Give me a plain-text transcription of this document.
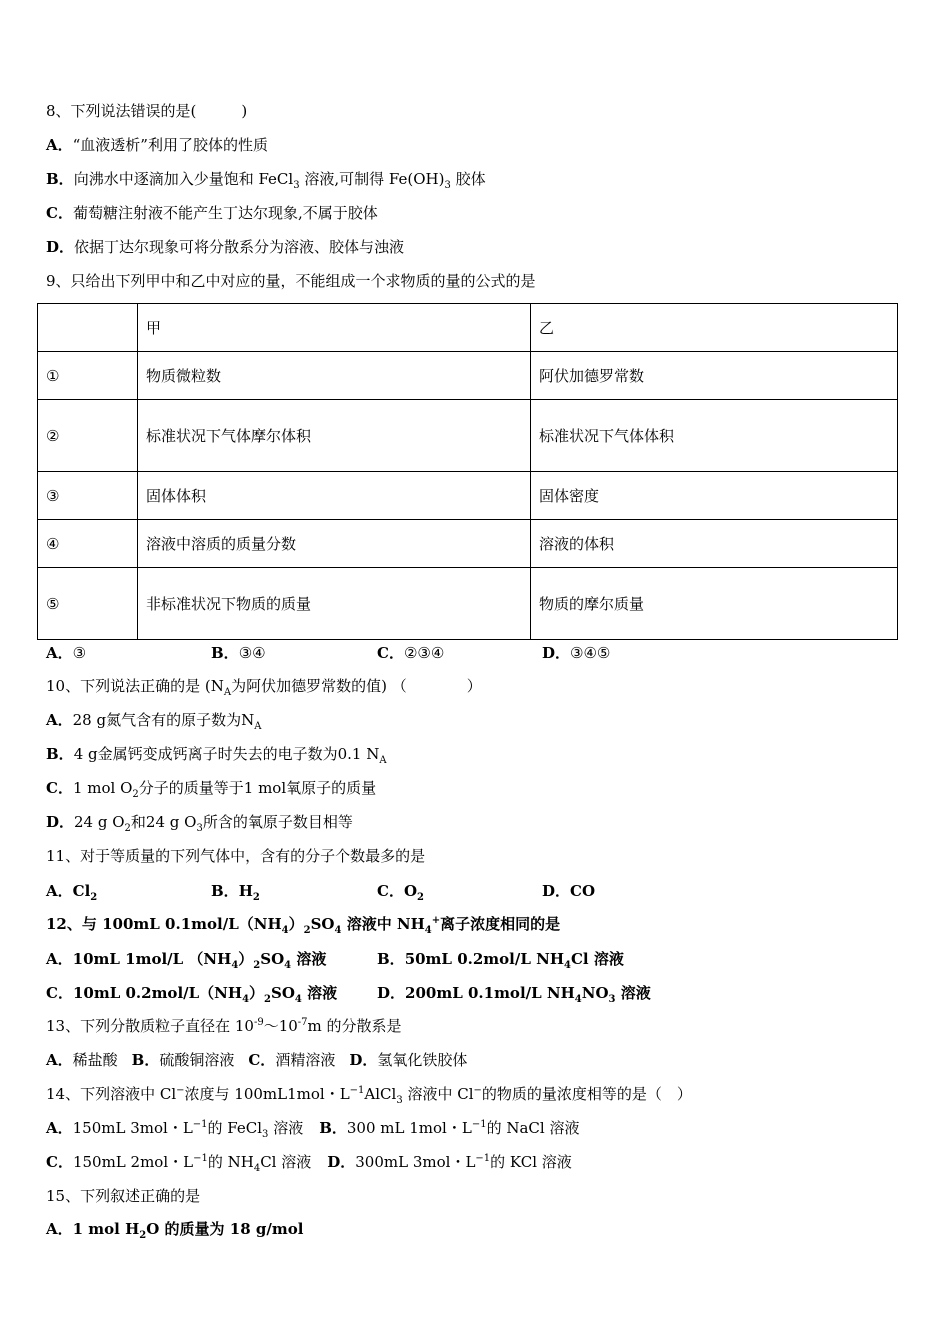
8、下列说法错误的是(　　　)
A．“血液透析”利用了胶体的性质
B．向沸水中逐滴加入少量饱和 FeCl$_3$ 溶液,可制得 $Fe(OH)_3$ 胶体
C．葡萄糖注射液不能产生丁达尔现象,不属于胶体
D．依据丁达尔现象可将分散系分为溶液、胶体与浊液
9、只给出下列甲中和乙中对应的量，不能组成一个求物质的量的公式的是
	甲	乙
①	物质微粒数	阿伏加德罗常数
②	标准状况下气体摩尔体积	标准状况下气体体积
③	固体体积	固体密度
④	溶液中溶质的质量分数	溶液的体积
⑤	非标准状况下物质的质量	物质的摩尔质量
A．③	B．③④	C．②③④	D．③④⑤
10、下列说法正确的是 ($N_A$为阿伏加德罗常数的值) （　　　　）
A．28 g氮气含有的原子数为$N_A$
B．4 g金属钙变成钙离子时失去的电子数为0.1 $N_A$
C．1 mol $O_2$分子的质量等于1 mol氧原子的质量
D．24 g $O_2$和24 g $O_3$所含的氧原子数目相等
11、对于等质量的下列气体中，含有的分子个数最多的是
A．$Cl_2$	B．$H_2$	C．$O_2$	D．CO
12、与 100mL $0.1mol/L(NH_4)_2SO_4$ 溶液中 $NH_4^+$离子浓度相同的是
A．10mL 1mol/L $(NH_4)_2SO_4$ 溶液	B．50mL 0.2mol/L $NH_4Cl$ 溶液
C．10mL $0.2mol/L(NH_4)_2SO_4$ 溶液	D．200mL 0.1mol/L $NH_4NO_3$ 溶液
13、下列分散质粒子直径在 $10^{-9}\sim 10^{-7}m$ 的分散系是
A．稀盐酸 B．硫酸铜溶液 C．酒精溶液 D．氢氧化铁胶体
14、下列溶液中 Cl−浓度与 100mL1mol・$L^{-1}AlCl_3$ 溶液中 Cl−的物质的量浓度相等的是（　）
A．150mL 3mol・$L^{-1}$的 FeCl$_3$ 溶液 B．300 mL 1mol・$L^{-1}$的 NaCl 溶液
C．150mL 2mol・$L^{-1}$的 $NH_4Cl$ 溶液 D．300mL 3mol・$L^{-1}$的 KCl 溶液
15、下列叙述正确的是
A．1 mol $H_2O$ 的质量为 18 g/mol
